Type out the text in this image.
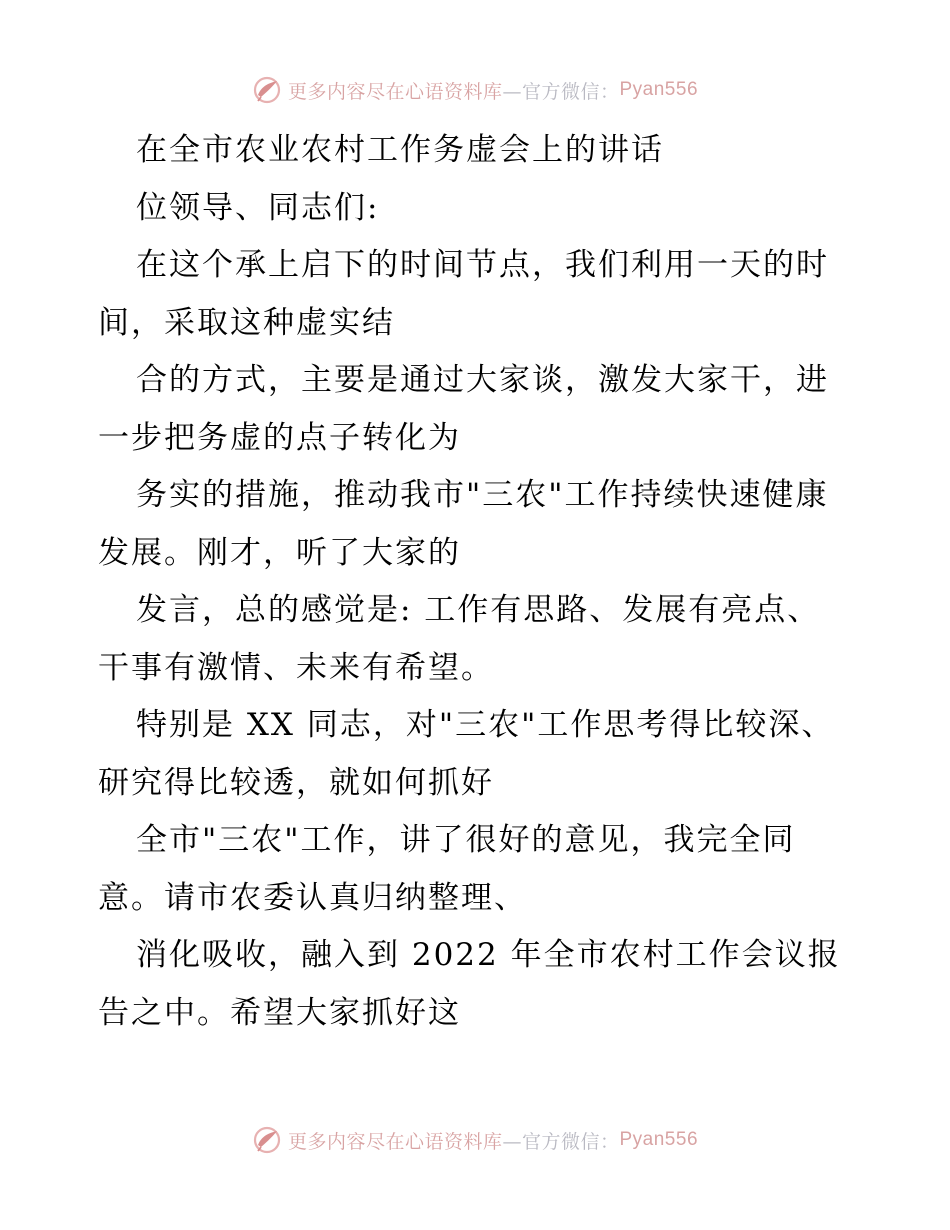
更多内容尽在心语资料库 —官方微信： Pyan556
在全市农业农村工作务虚会上的讲话
位领导、同志们:
在这个承上启下的时间节点，我们利用一天的时
间，采取这种虚实结
合的方式，主要是通过大家谈，激发大家干，进
一步把务虚的点子转化为
务实的措施，推动我市"三农"工作持续快速健康
发展。刚才，听了大家的
发言，总的感觉是: 工作有思路、发展有亮点、
干事有激情、未来有希望。
特别是 XX 同志，对"三农"工作思考得比较深、
研究得比较透，就如何抓好
全市"三农"工作，讲了很好的意见，我完全同
意。请市农委认真归纳整理、
消化吸收，融入到 2022 年全市农村工作会议报
告之中。希望大家抓好这
更多内容尽在心语资料库 —官方微信： Pyan556
